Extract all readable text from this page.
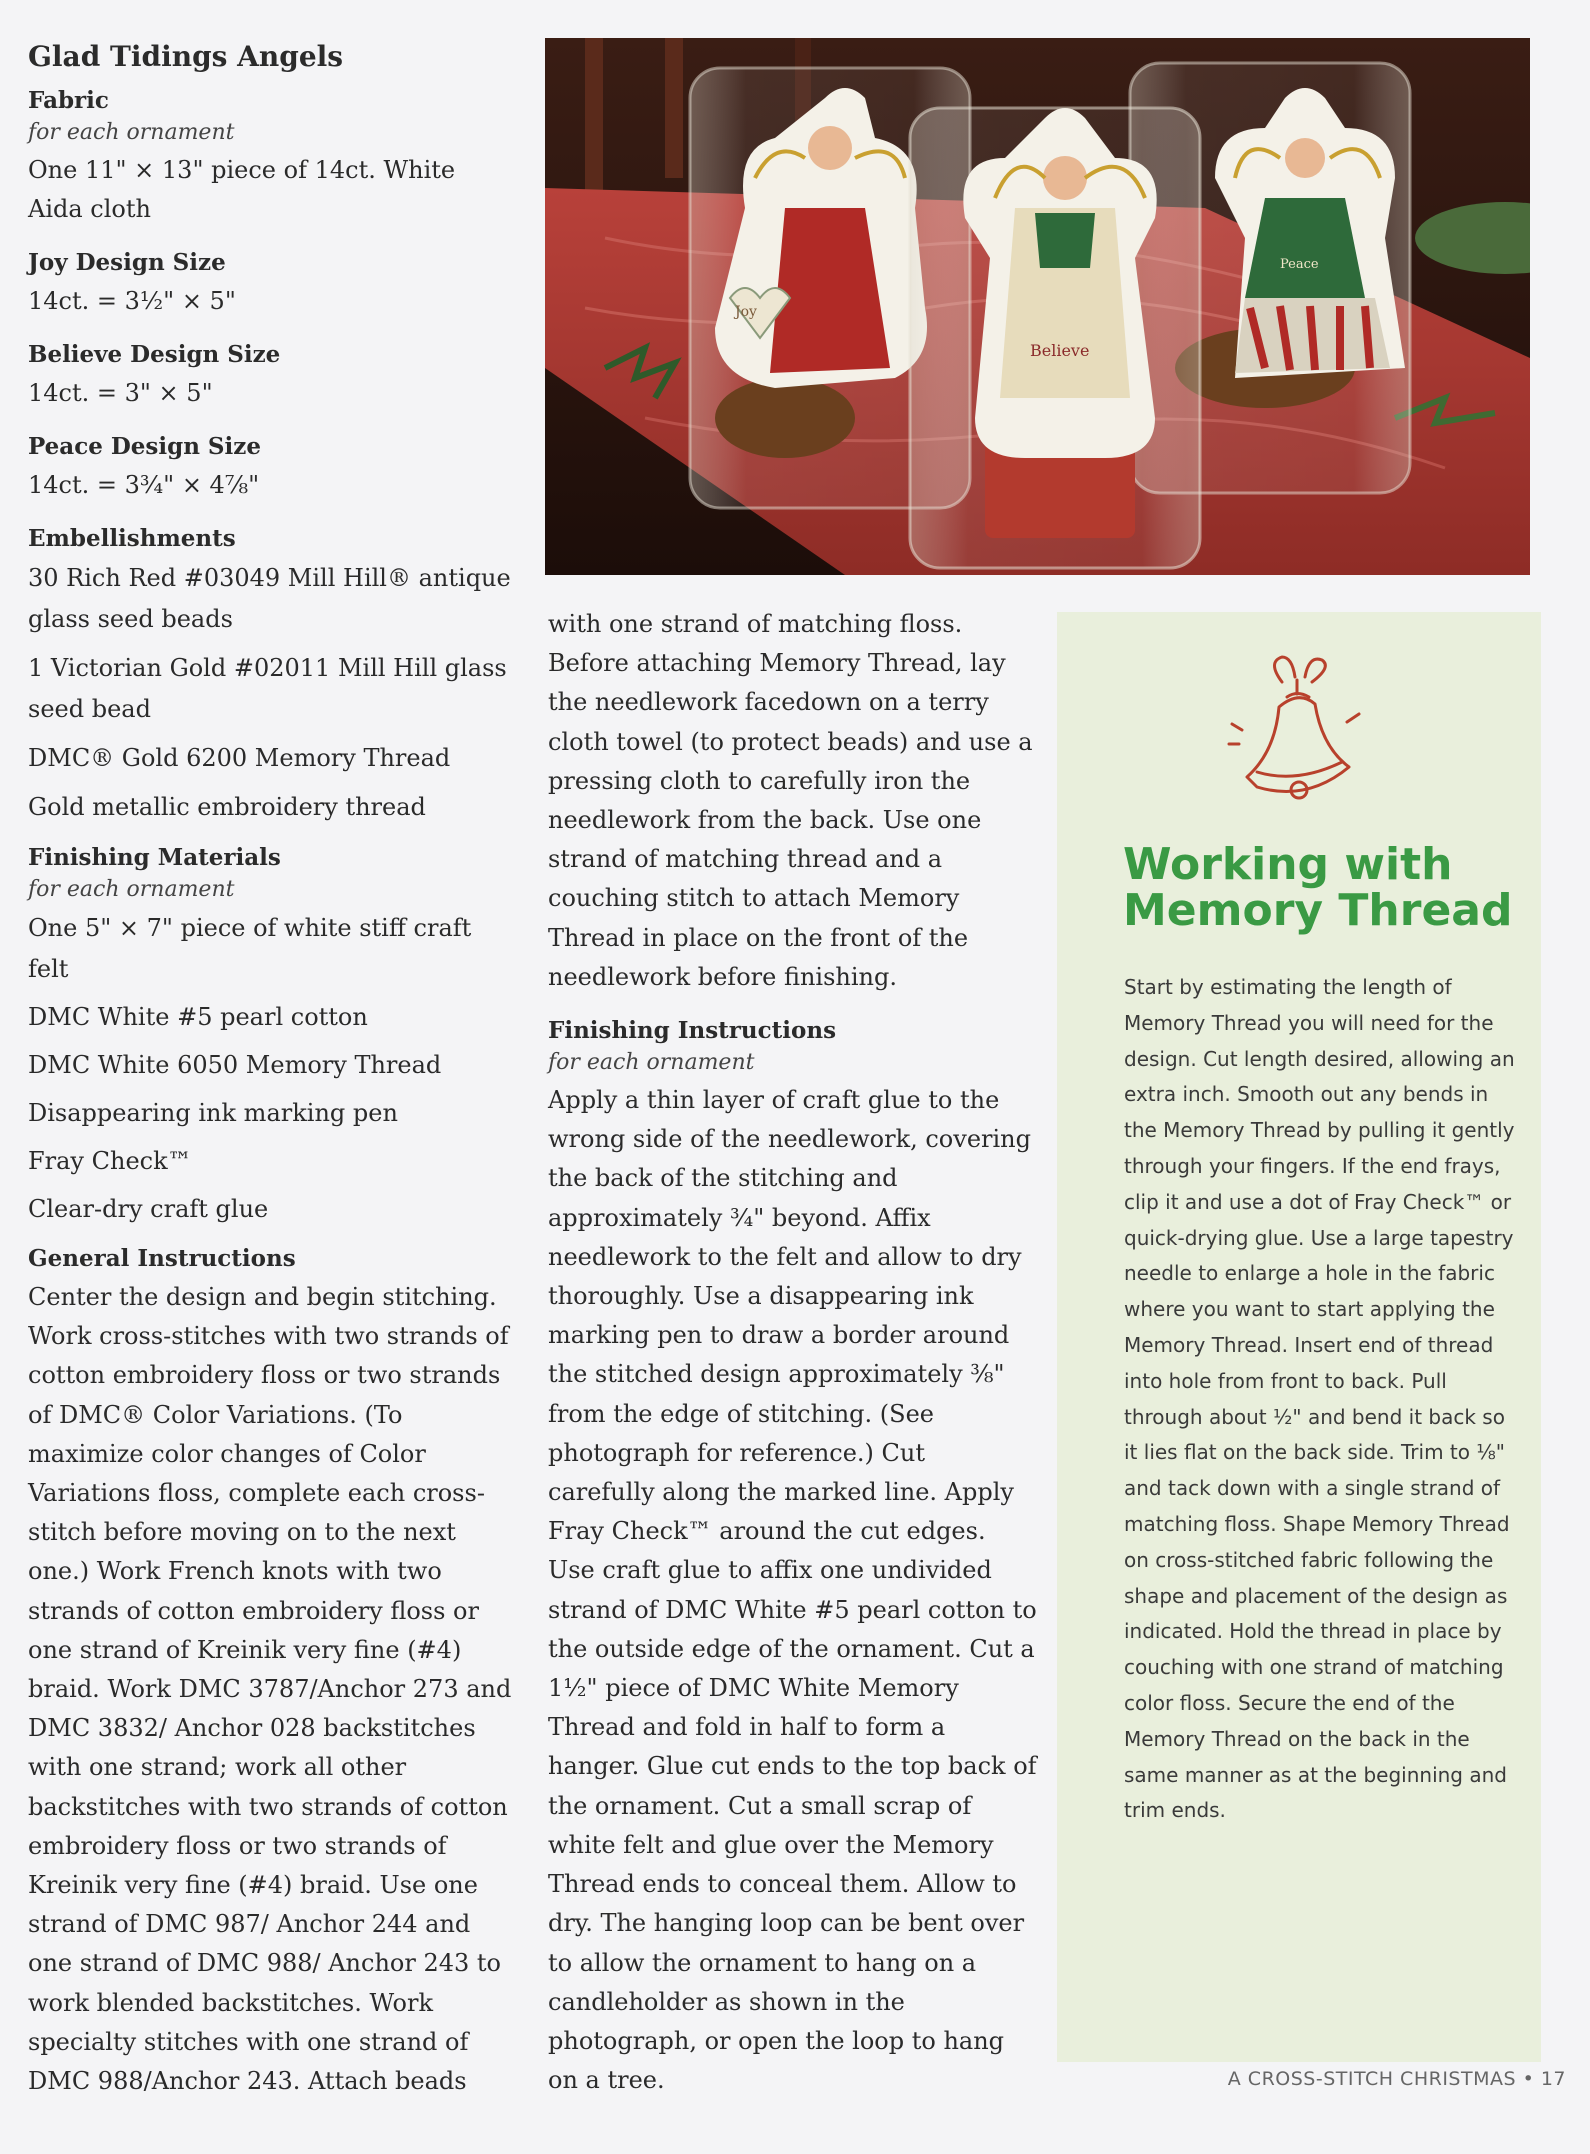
Glad Tidings Angels
Fabric
for each ornament

One 11" × 13" piece of 14ct. White

Aida cloth

Joy Design Size

14ct. = 3½" × 5"

Believe Design Size

14ct. = 3" × 5"

Peace Design Size

14ct. = 3¾" × 4⅞"

Embellishments

30 Rich Red #03049 Mill Hill® antique glass seed beads

1 Victorian Gold #02011 Mill Hill glass seed bead

DMC® Gold 6200 Memory Thread

Gold metallic embroidery thread

Finishing Materials
for each ornament

One 5" × 7" piece of white stiff craft felt

DMC White #5 pearl cotton

DMC White 6050 Memory Thread

Disappearing ink marking pen

Fray Check™

Clear-dry craft glue

General Instructions

Center the design and begin stitching. Work cross-stitches with two strands of cotton embroidery floss or two strands of DMC® Color Variations. (To maximize color changes of Color Variations floss, complete each cross-stitch before moving on to the next one.) Work French knots with two strands of cotton embroidery floss or one strand of Kreinik very fine (#4) braid. Work DMC 3787/Anchor 273 and DMC 3832/ Anchor 028 backstitches with one strand; work all other backstitches with two strands of cotton embroidery floss or two strands of Kreinik very fine (#4) braid. Use one strand of DMC 987/ Anchor 244 and one strand of DMC 988/ Anchor 243 to work blended backstitches. Work specialty stitches with one strand of DMC 988/Anchor 243. Attach beads

Joy
Believe
Peace

with one strand of matching floss. Before attaching Memory Thread, lay the needlework facedown on a terry cloth towel (to protect beads) and use a pressing cloth to carefully iron the needlework from the back. Use one strand of matching thread and a couching stitch to attach Memory Thread in place on the front of the needlework before finishing.

Finishing Instructions
for each ornament

Apply a thin layer of craft glue to the wrong side of the needlework, covering the back of the stitching and approximately ¾" beyond. Affix needlework to the felt and allow to dry thoroughly. Use a disappearing ink marking pen to draw a border around the stitched design approximately ⅜" from the edge of stitching. (See photograph for reference.) Cut carefully along the marked line. Apply Fray Check™ around the cut edges. Use craft glue to affix one undivided strand of DMC White #5 pearl cotton to the outside edge of the ornament. Cut a 1½" piece of DMC White Memory Thread and fold in half to form a hanger. Glue cut ends to the top back of the ornament. Cut a small scrap of white felt and glue over the Memory Thread ends to conceal them. Allow to dry. The hanging loop can be bent over to allow the ornament to hang on a candleholder as shown in the photograph, or open the loop to hang on a tree.

Working with Memory Thread

Start by estimating the length of Memory Thread you will need for the design. Cut length desired, allowing an extra inch. Smooth out any bends in the Memory Thread by pulling it gently through your fingers. If the end frays, clip it and use a dot of Fray Check™ or quick-drying glue. Use a large tapestry needle to enlarge a hole in the fabric where you want to start applying the Memory Thread. Insert end of thread into hole from front to back. Pull through about ½" and bend it back so it lies flat on the back side. Trim to ⅛" and tack down with a single strand of matching floss. Shape Memory Thread on cross-stitched fabric following the shape and placement of the design as indicated. Hold the thread in place by couching with one strand of matching color floss. Secure the end of the Memory Thread on the back in the same manner as at the beginning and trim ends.

A CROSS-STITCH CHRISTMAS • 17
